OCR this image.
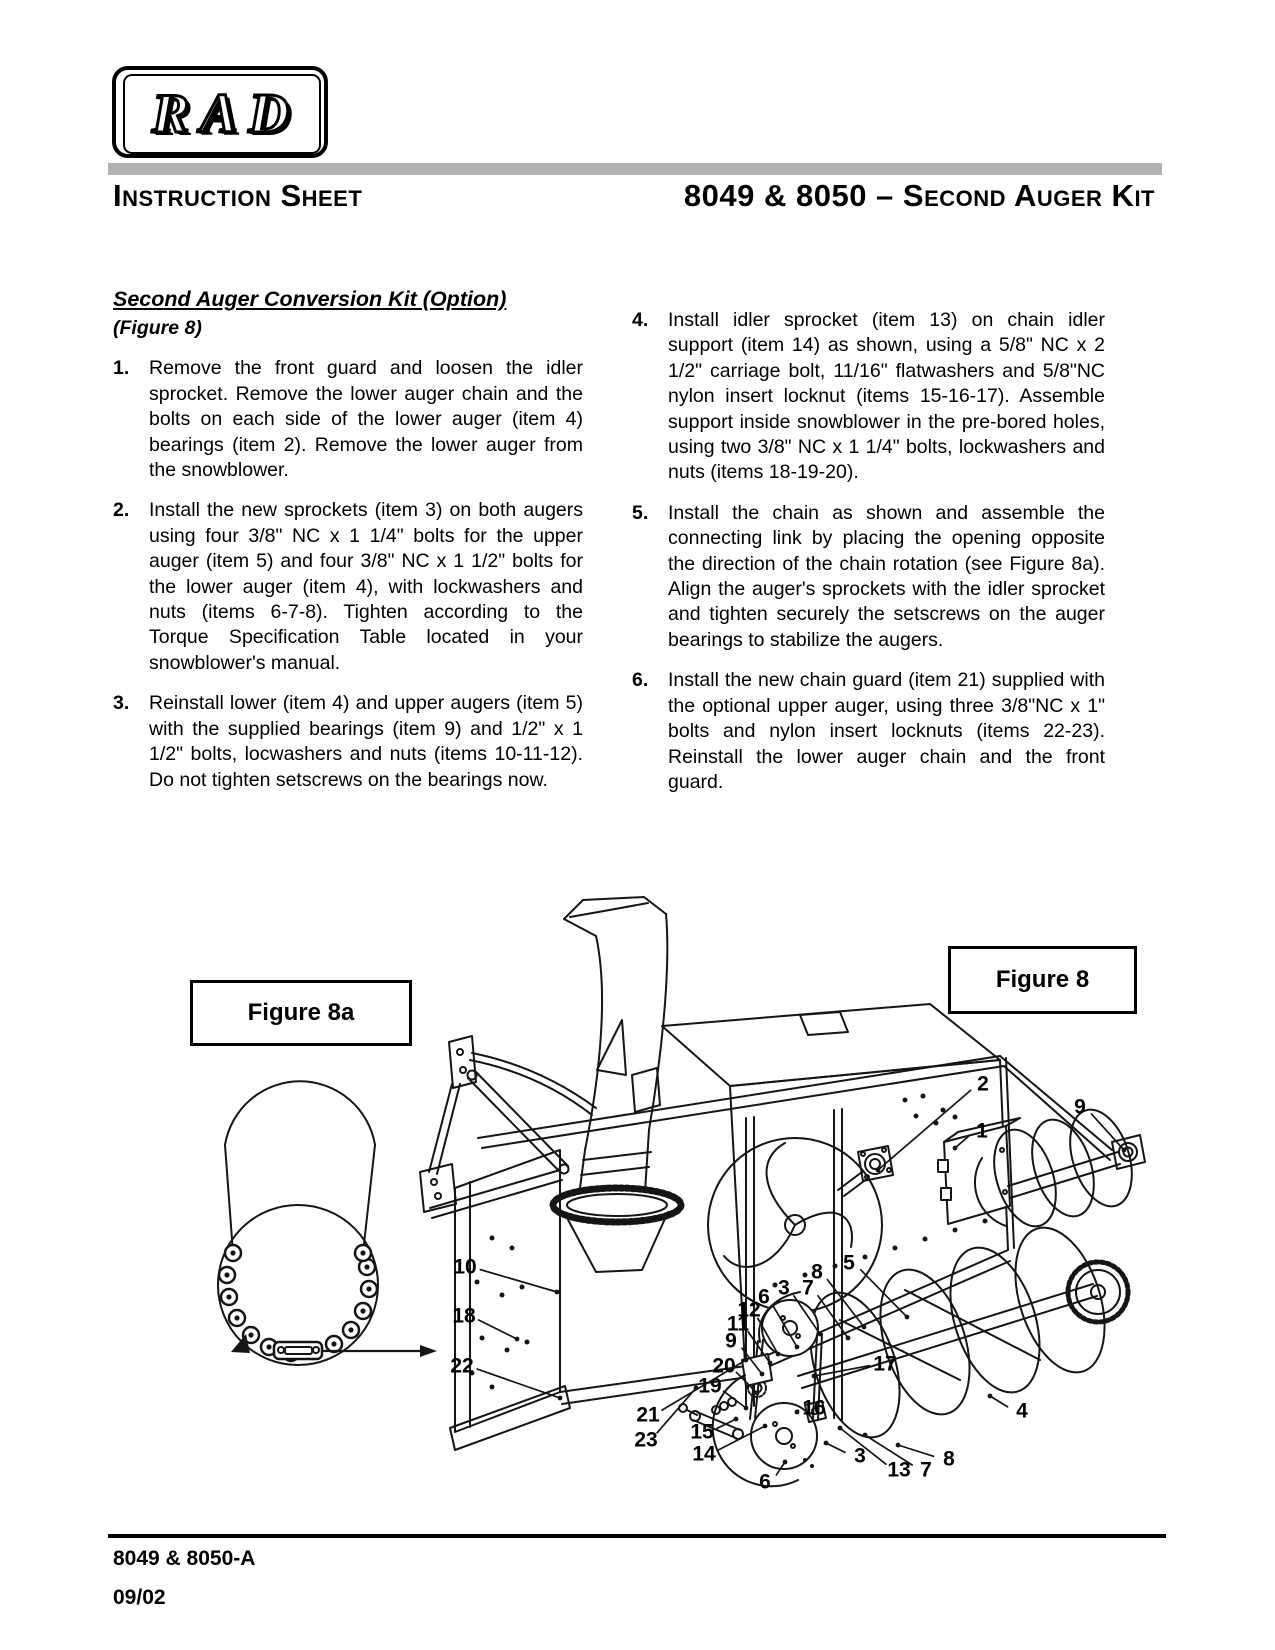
RAD
Instruction Sheet	8049 & 8050 – Second Auger Kit
Second Auger Conversion Kit (Option)
(Figure 8)
1.	Remove the front guard and loosen the idler sprocket. Remove the lower auger chain and the bolts on each side of the lower auger (item 4) bearings (item 2). Remove the lower auger from the snowblower.
2.	Install the new sprockets (item 3) on both augers using four 3/8" NC x 1 1/4" bolts for the upper auger (item 5) and four 3/8" NC x 1 1/2" bolts for the lower auger (item 4), with lockwashers and nuts (items 6-7-8). Tighten according to the Torque Specification Table located in your snowblower's manual.
3.	Reinstall lower (item 4) and upper augers (item 5) with the supplied bearings (item 9) and 1/2" x 1 1/2" bolts, locwashers and nuts (items 10-11-12). Do not tighten setscrews on the bearings now.
4.	Install idler sprocket (item 13) on chain idler support (item 14) as shown, using a 5/8" NC x 2 1/2" carriage bolt, 11/16" flatwashers and 5/8"NC nylon insert locknut (items 15-16-17). Assemble support inside snowblower in the pre-bored holes, using two 3/8" NC x 1 1/4" bolts, lockwashers and nuts (items 18-19-20).
5.	Install the chain as shown and assemble the connecting link by placing the opening opposite the direction of the chain rotation (see Figure 8a). Align the auger's sprockets with the idler sprocket and tighten securely the setscrews on the auger bearings to stabilize the augers.
6.	Install the new chain guard (item 21) supplied with the optional upper auger, using three 3/8"NC x 1" bolts and nylon insert locknuts (items 22-23). Reinstall the lower auger chain and the front guard.
2
1
9
10
18
22
5
8
3 7
6
12
11
9
20	17
19
21
23 15
14
16
6
3
13 7 8
4
Figure 8a
Figure 8
8049 & 8050-A
09/02
